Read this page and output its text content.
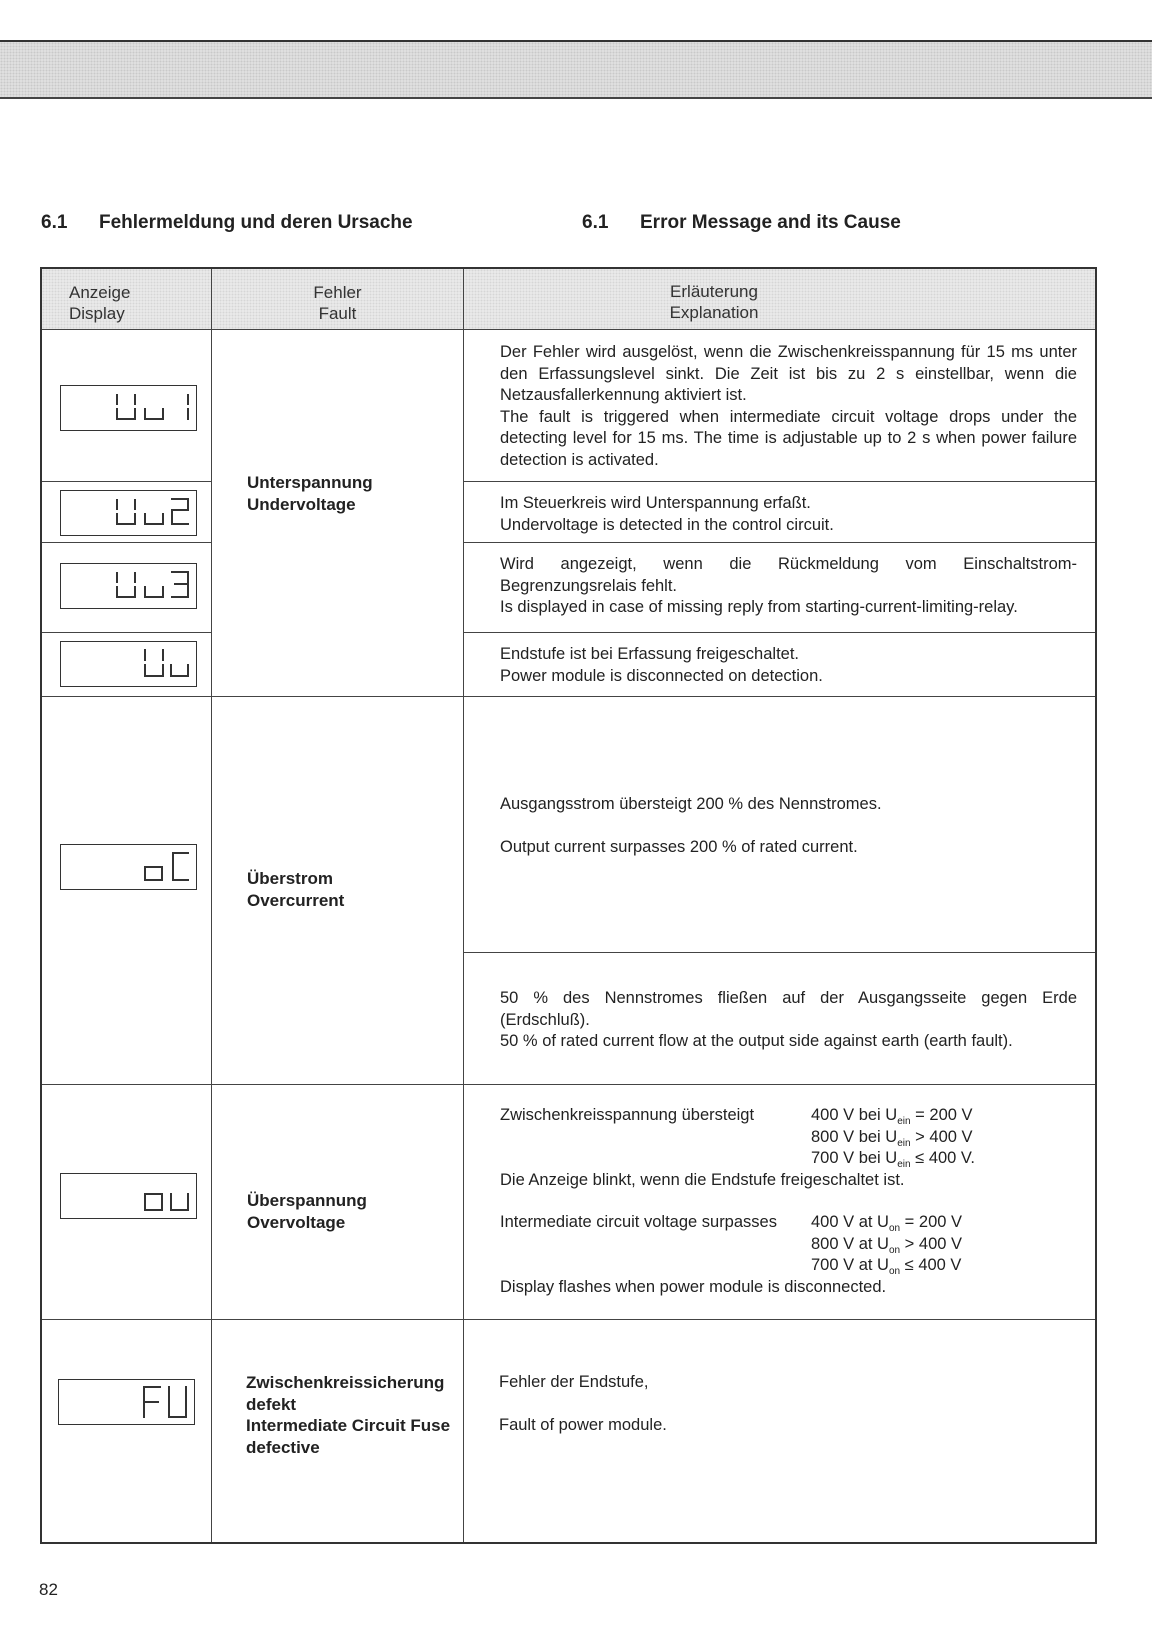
6.1 Fehlermeldung und deren Ursache	6.1 Error Message and its Cause
Anzeige
Display
Fehler
Fault
Erläuterung
Explanation
Unterspannung
Undervoltage
Überstrom
Overcurrent
Überspannung
Overvoltage
Zwischenkreissicherung
defekt
Intermediate Circuit Fuse
defective
Der Fehler wird ausgelöst, wenn die Zwischenkreisspannung für 15 ms unter den Erfassungslevel sinkt. Die Zeit ist bis zu 2 s einstellbar, wenn die Netzausfallerkennung aktiviert ist.
The fault is triggered when intermediate circuit voltage drops under the detecting level for 15 ms. The time is adjustable up to 2 s when power failure detection is activated.
Im Steuerkreis wird Unterspannung erfaßt.
Undervoltage is detected in the control circuit.
Wird angezeigt, wenn die Rückmeldung vom Einschaltstrom-Begrenzungsrelais fehlt.
Is displayed in case of missing reply from starting-current-limiting-relay.
Endstufe ist bei Erfassung freigeschaltet.
Power module is disconnected on detection.
Ausgangsstrom übersteigt 200 % des Nennstromes.
Output current surpasses 200 % of rated current.
50 % des Nennstromes fließen auf der Ausgangsseite gegen Erde (Erdschluß).
50 % of rated current flow at the output side against earth (earth fault).
Zwischenkreisspannung übersteigt	400 V bei $U_{ein} = 200$ V
800 V bei $U_{ein} > 400$ V
700 V bei $U_{ein} \le 400$ V.
Die Anzeige blinkt, wenn die Endstufe freigeschaltet ist.
Intermediate circuit voltage surpasses 400 V at $U_{on} = 200$ V
800 V at $U_{on} > 400$ V
700 V at $U_{on} \le 400$ V
Display flashes when power module is disconnected.
Fehler der Endstufe,
Fault of power module.
82
